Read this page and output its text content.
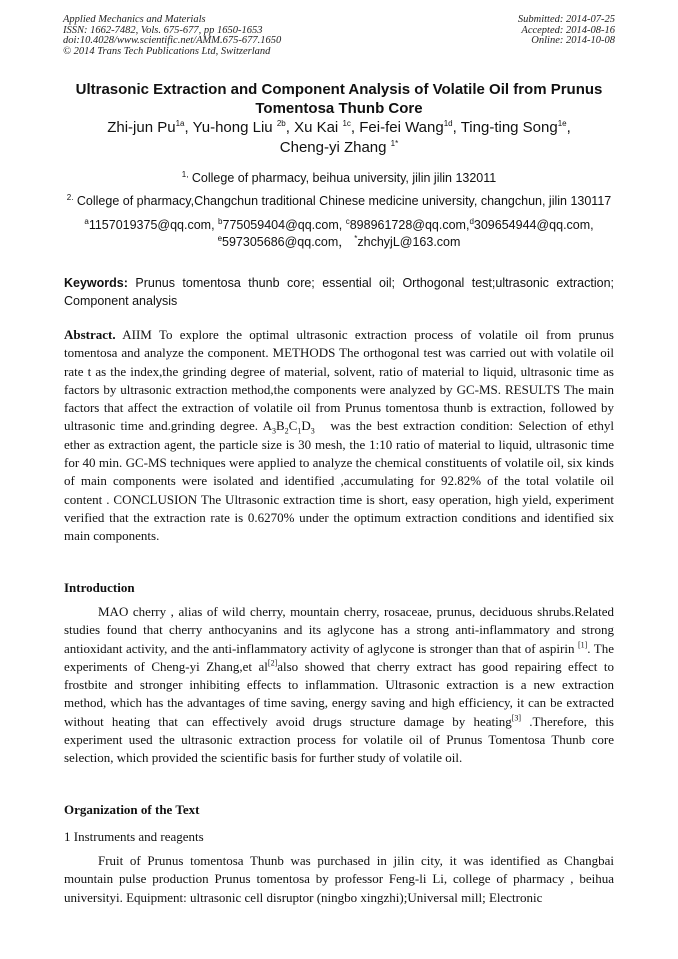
Applied Mechanics and Materials
ISSN: 1662-7482, Vols. 675-677, pp 1650-1653
doi:10.4028/www.scientific.net/AMM.675-677.1650
© 2014 Trans Tech Publications Ltd, Switzerland
Submitted: 2014-07-25
Accepted: 2014-08-16
Online: 2014-10-08
Ultrasonic Extraction and Component Analysis of Volatile Oil from Prunus Tomentosa Thunb Core
Zhi-jun $Pu^{1a}$, Yu-hong Liu $^{2b}$, Xu Kai $^{1c}$, Fei-fei Wang$^{1d}$, Ting-ting Song$^{1e}$,
Cheng-yi Zhang $^{1*}$
$^{1,}$ College of pharmacy, beihua university, jilin jilin 132011
$^{2.}$ College of pharmacy,Changchun traditional Chinese medicine university, changchun, jilin 130117
$^a$1157019375@qq.com, $^b$775059404@qq.com, $^c$898961728@qq.com,$^d$309654944@qq.com,
$^e$597305686@qq.com， *zhchyjL@163.com
Keywords: Prunus tomentosa thunb core; essential oil; Orthogonal test;ultrasonic extraction; Component analysis
Abstract. AIIM To explore the optimal ultrasonic extraction process of volatile oil from prunus tomentosa and analyze the component. METHODS The orthogonal test was carried out with volatile oil rate t as the index,the grinding degree of material, solvent, ratio of material to liquid, ultrasonic time as factors by ultrasonic extraction method,the components were analyzed by GC-MS. RESULTS The main factors that affect the extraction of volatile oil from Prunus tomentosa thunb is extraction, followed by ultrasonic time and.grinding degree. $A_3B_2C_1D_3$ was the best extraction condition: Selection of ethyl ether as extraction agent, the particle size is 30 mesh, the 1:10 ratio of material to liquid, ultrasonic time for 40 min. GC-MS techniques were applied to analyze the chemical constituents of volatile oil, six kinds of main components were isolated and identified ,accumulating for 92.82% of the total volatile oil content . CONCLUSION The Ultrasonic extraction time is short, easy operation, high yield, experiment verified that the extraction rate is 0.6270% under the optimum extraction conditions and identified six main components.
Introduction
MAO cherry , alias of wild cherry, mountain cherry, rosaceae, prunus, deciduous shrubs.Related studies found that cherry anthocyanins and its aglycone has a strong anti-inflammatory and strong antioxidant activity, and the anti-inflammatory activity of aglycone is stronger than that of aspirin [1]. The experiments of Cheng-yi Zhang,et al[2]also showed that cherry extract has good repairing effect to frostbite and stronger inhibiting effects to inflammation. Ultrasonic extraction is a new extraction method, which has the advantages of time saving, energy saving and high efficiency, it can be extracted without heating that can effectively avoid drugs structure damage by heating[3] .Therefore, this experiment used the ultrasonic extraction process for volatile oil of Prunus Tomentosa Thunb core selection, which provided the scientific basis for further study of volatile oil.
Organization of the Text
1 Instruments and reagents
Fruit of Prunus tomentosa Thunb was purchased in jilin city, it was identified as Changbai mountain pulse production Prunus tomentosa by professor Feng-li Li, college of pharmacy , beihua universityi. Equipment: ultrasonic cell disruptor (ningbo xingzhi);Universal mill; Electronic
